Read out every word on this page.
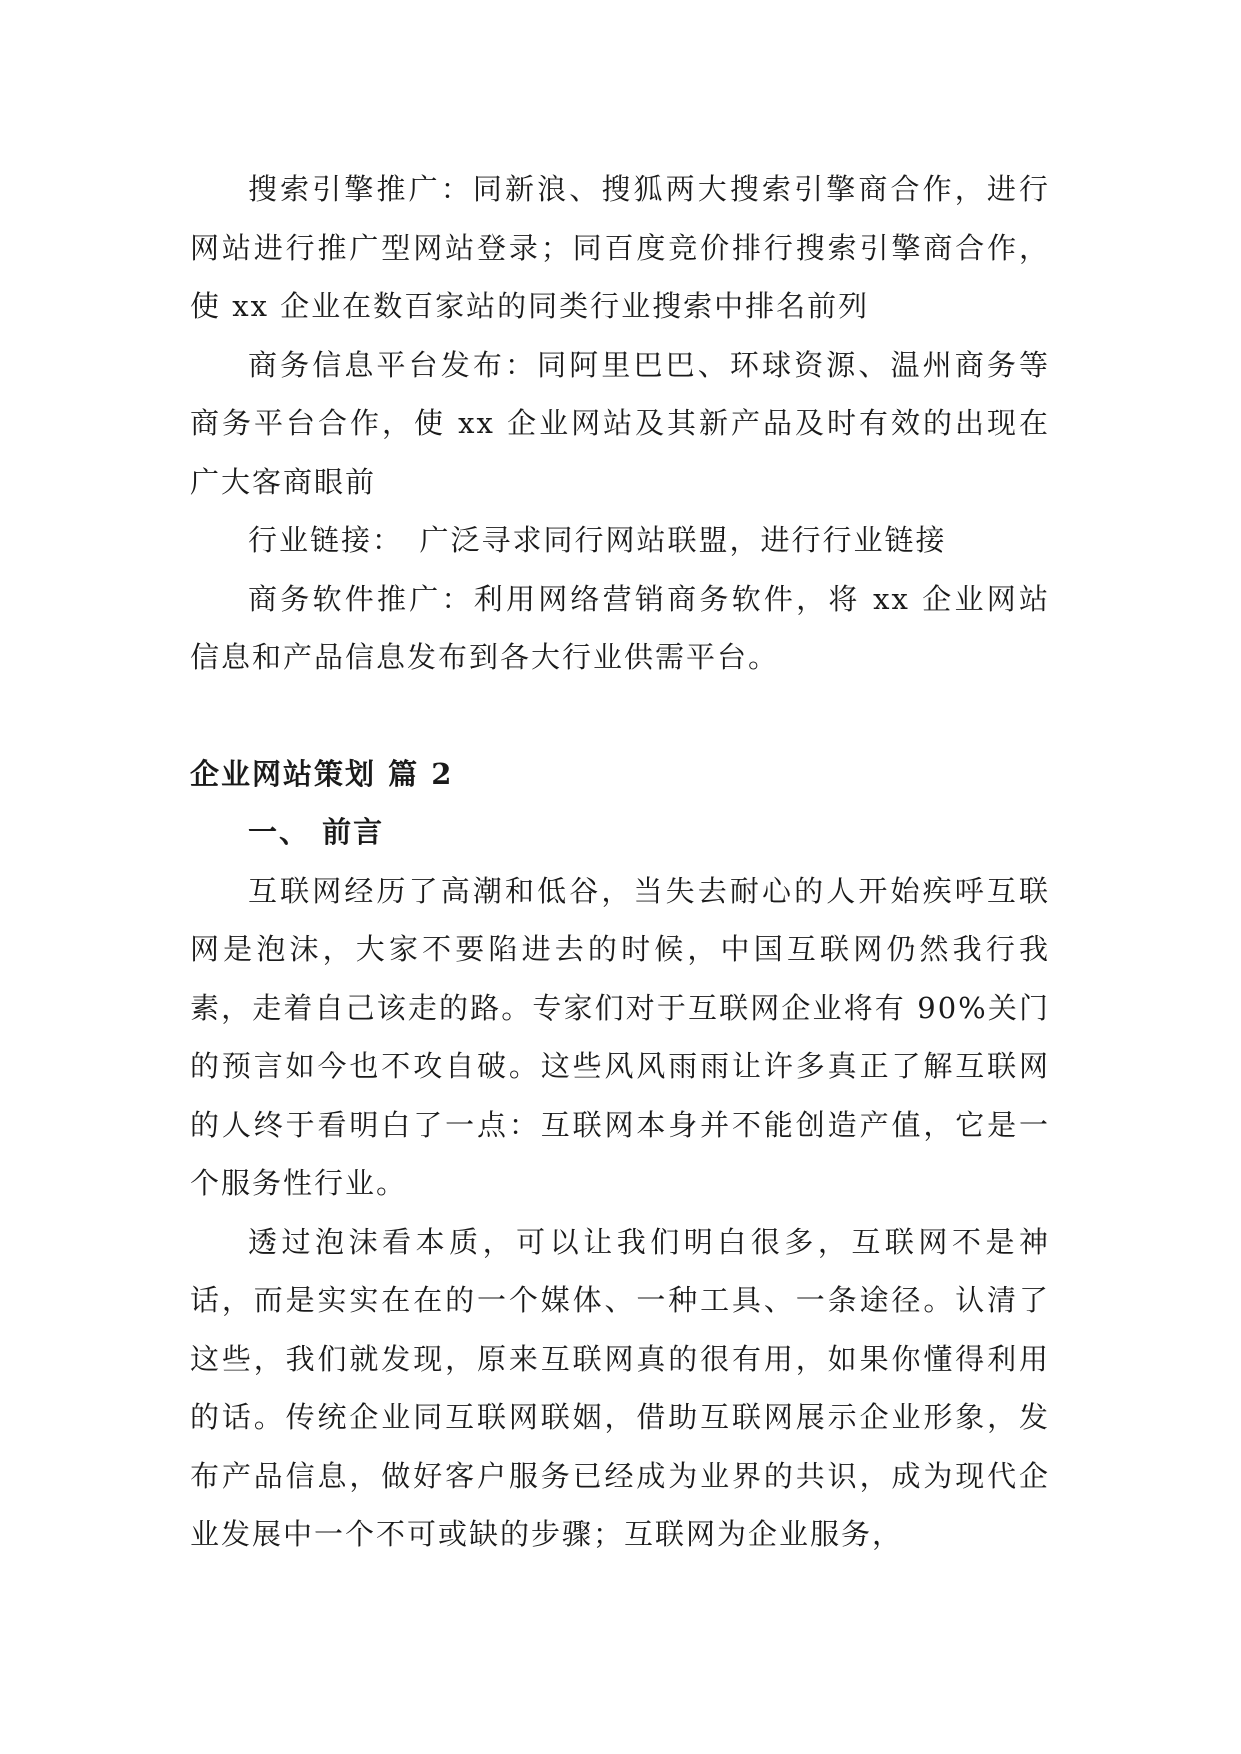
搜索引擎推广：同新浪、搜狐两大搜索引擎商合作，进行网站进行推广型网站登录；同百度竞价排行搜索引擎商合作，使 xx 企业在数百家站的同类行业搜索中排名前列

商务信息平台发布：同阿里巴巴、环球资源、温州商务等商务平台合作，使 xx 企业网站及其新产品及时有效的出现在广大客商眼前

行业链接：　广泛寻求同行网站联盟，进行行业链接

商务软件推广：利用网络营销商务软件，将 xx 企业网站信息和产品信息发布到各大行业供需平台。

企业网站策划 篇 2
一、 前言

互联网经历了高潮和低谷，当失去耐心的人开始疾呼互联网是泡沫，大家不要陷进去的时候，中国互联网仍然我行我素，走着自己该走的路。专家们对于互联网企业将有 90%关门的预言如今也不攻自破。这些风风雨雨让许多真正了解互联网的人终于看明白了一点：互联网本身并不能创造产值，它是一个服务性行业。

透过泡沫看本质，可以让我们明白很多，互联网不是神话，而是实实在在的一个媒体、一种工具、一条途径。认清了这些，我们就发现，原来互联网真的很有用，如果你懂得利用的话。传统企业同互联网联姻，借助互联网展示企业形象，发布产品信息，做好客户服务已经成为业界的共识，成为现代企业发展中一个不可或缺的步骤；互联网为企业服务，
